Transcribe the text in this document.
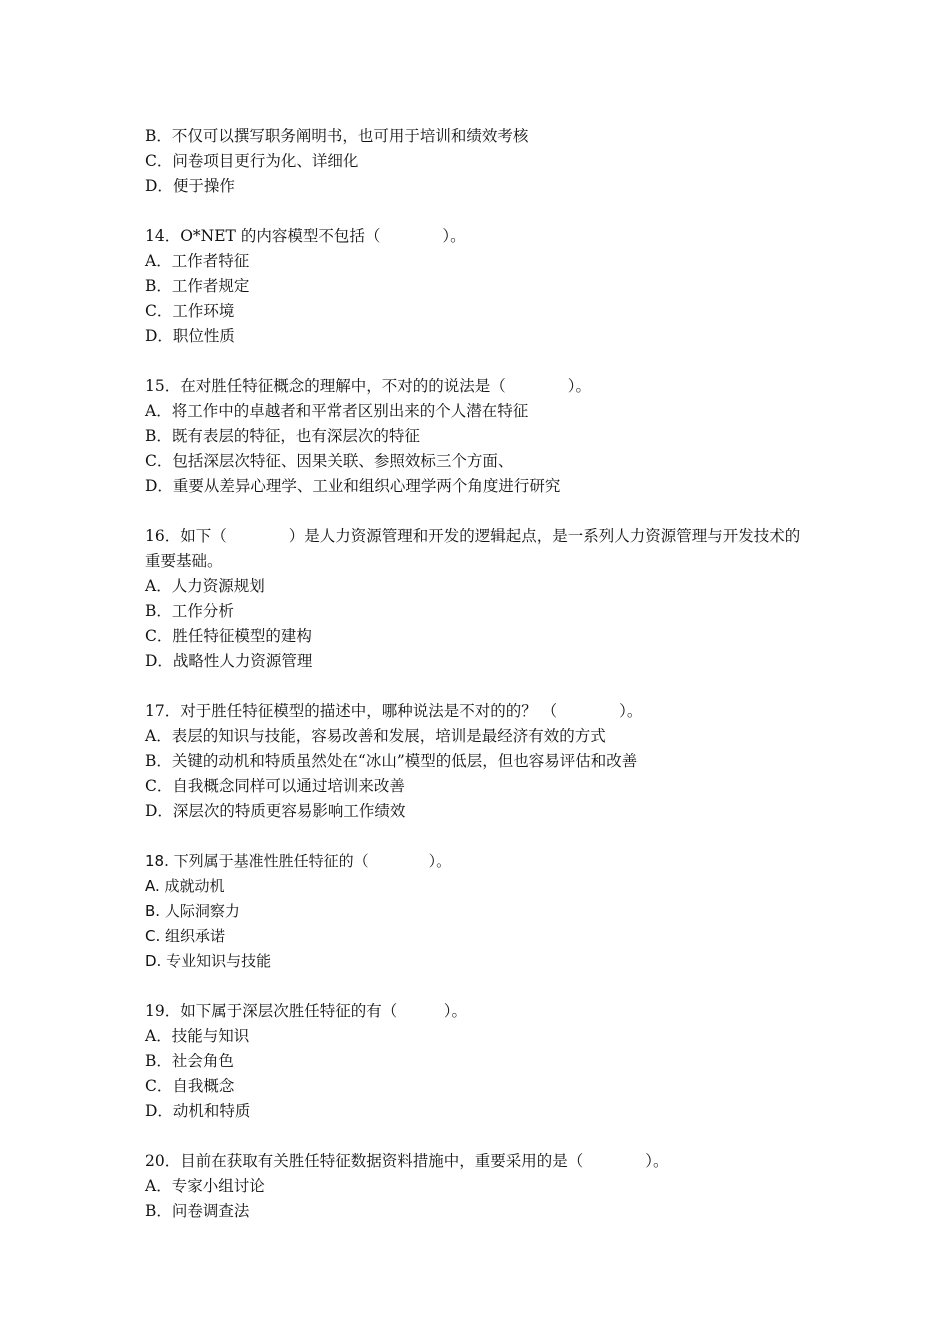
B．不仅可以撰写职务阐明书，也可用于培训和绩效考核
C．问卷项目更行为化、详细化
D．便于操作
14．O*NET 的内容模型不包括（　　　　）。
A．工作者特征
B．工作者规定
C．工作环境
D．职位性质
15．在对胜任特征概念的理解中，不对的的说法是（　　　　）。
A．将工作中的卓越者和平常者区别出来的个人潜在特征
B．既有表层的特征，也有深层次的特征
C．包括深层次特征、因果关联、参照效标三个方面、
D．重要从差异心理学、工业和组织心理学两个角度进行研究
16．如下（　　　　）是人力资源管理和开发的逻辑起点，是一系列人力资源管理与开发技术的重要基础。
A．人力资源规划
B．工作分析
C．胜任特征模型的建构
D．战略性人力资源管理
17．对于胜任特征模型的描述中，哪种说法是不对的的？ （　　　　）。
A．表层的知识与技能，容易改善和发展，培训是最经济有效的方式
B．关键的动机和特质虽然处在“冰山”模型的低层，但也容易评估和改善
C．自我概念同样可以通过培训来改善
D．深层次的特质更容易影响工作绩效
18. 下列属于基准性胜任特征的（　　　　）。
A. 成就动机
B. 人际洞察力
C. 组织承诺
D. 专业知识与技能
19．如下属于深层次胜任特征的有（　　　）。
A．技能与知识
B．社会角色
C．自我概念
D．动机和特质
20．目前在获取有关胜任特征数据资料措施中，重要采用的是（　　　　）。
A．专家小组讨论
B．问卷调查法
